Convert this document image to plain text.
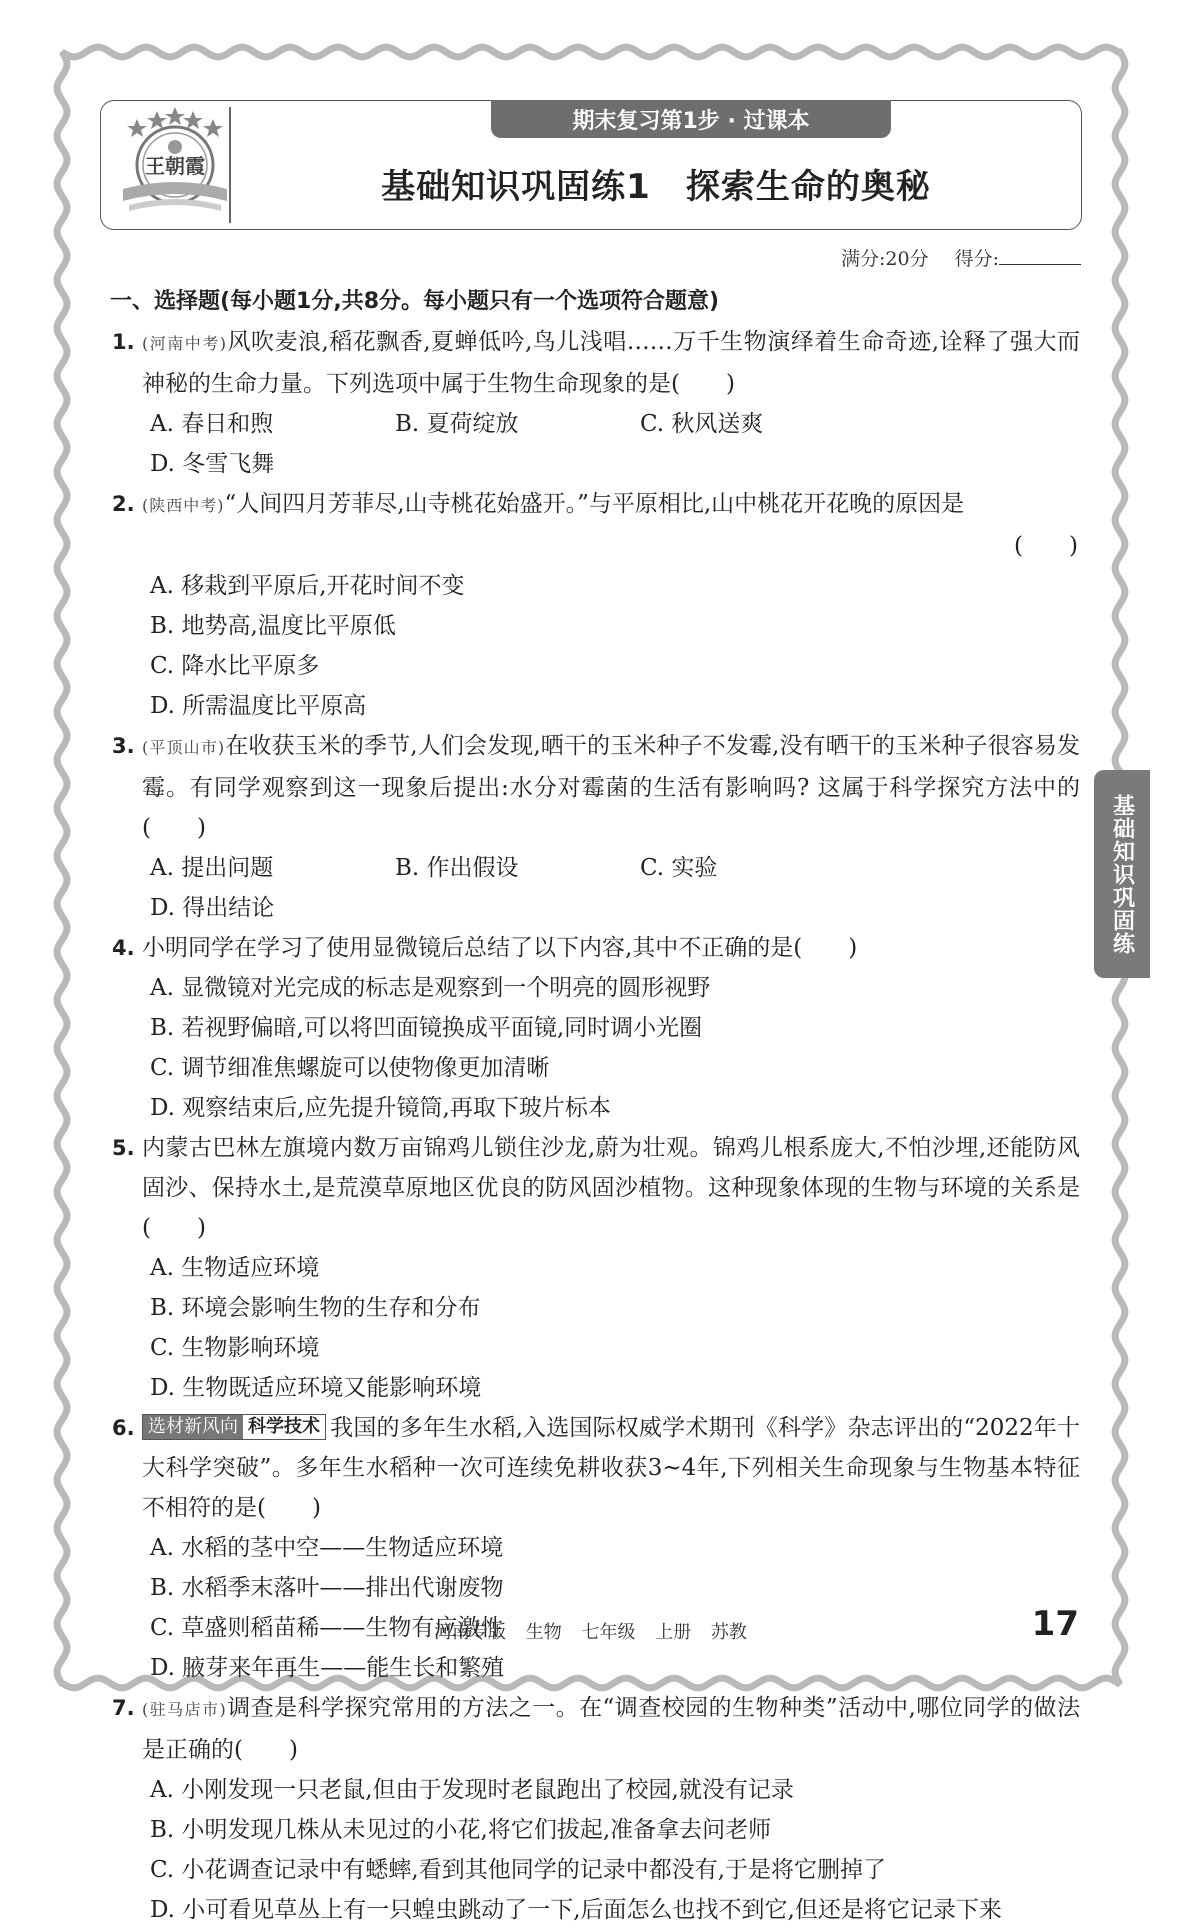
王朝霞
期末复习第1步 · 过课本
基础知识巩固练1　探索生命的奥秘
满分:20分 得分:
一、选择题(每小题1分,共8分。每小题只有一个选项符合题意)
1. (河南中考)风吹麦浪,稻花飘香,夏蝉低吟,鸟儿浅唱……万千生物演绎着生命奇迹,诠释了强大而神秘的生命力量。下列选项中属于生物生命现象的是(　　)
A. 春日和煦	B. 夏荷绽放	C. 秋风送爽
D. 冬雪飞舞
2. (陕西中考)“人间四月芳菲尽,山寺桃花始盛开。”与平原相比,山中桃花开花晚的原因是
(　　)
A. 移栽到平原后,开花时间不变
B. 地势高,温度比平原低
C. 降水比平原多
D. 所需温度比平原高
3. (平顶山市)在收获玉米的季节,人们会发现,晒干的玉米种子不发霉,没有晒干的玉米种子很容易发霉。有同学观察到这一现象后提出:水分对霉菌的生活有影响吗? 这属于科学探究方法中的(　　)
A. 提出问题	B. 作出假设	C. 实验
D. 得出结论
4. 小明同学在学习了使用显微镜后总结了以下内容,其中不正确的是(　　)
A. 显微镜对光完成的标志是观察到一个明亮的圆形视野
B. 若视野偏暗,可以将凹面镜换成平面镜,同时调小光圈
C. 调节细准焦螺旋可以使物像更加清晰
D. 观察结束后,应先提升镜筒,再取下玻片标本
5. 内蒙古巴林左旗境内数万亩锦鸡儿锁住沙龙,蔚为壮观。锦鸡儿根系庞大,不怕沙埋,还能防风固沙、保持水土,是荒漠草原地区优良的防风固沙植物。这种现象体现的生物与环境的关系是(　　)
A. 生物适应环境
B. 环境会影响生物的生存和分布
C. 生物影响环境
D. 生物既适应环境又能影响环境
6. 选材新风向 科学技术 我国的多年生水稻,入选国际权威学术期刊《科学》杂志评出的“2022年十大科学突破”。多年生水稻种一次可连续免耕收获3~4年,下列相关生命现象与生物基本特征不相符的是(　　)
A. 水稻的茎中空——生物适应环境
B. 水稻季末落叶——排出代谢废物
C. 草盛则稻苗稀——生物有应激性
D. 腋芽来年再生——能生长和繁殖
7. (驻马店市)调查是科学探究常用的方法之一。在“调查校园的生物种类”活动中,哪位同学的做法是正确的(　　)
A. 小刚发现一只老鼠,但由于发现时老鼠跑出了校园,就没有记录
B. 小明发现几株从未见过的小花,将它们拔起,准备拿去问老师
C. 小花调查记录中有蟋蟀,看到其他同学的记录中都没有,于是将它删掉了
D. 小可看见草丛上有一只蝗虫跳动了一下,后面怎么也找不到它,但还是将它记录下来
基础知识巩固练
河南专版 生物 七年级 上册 苏教	17
